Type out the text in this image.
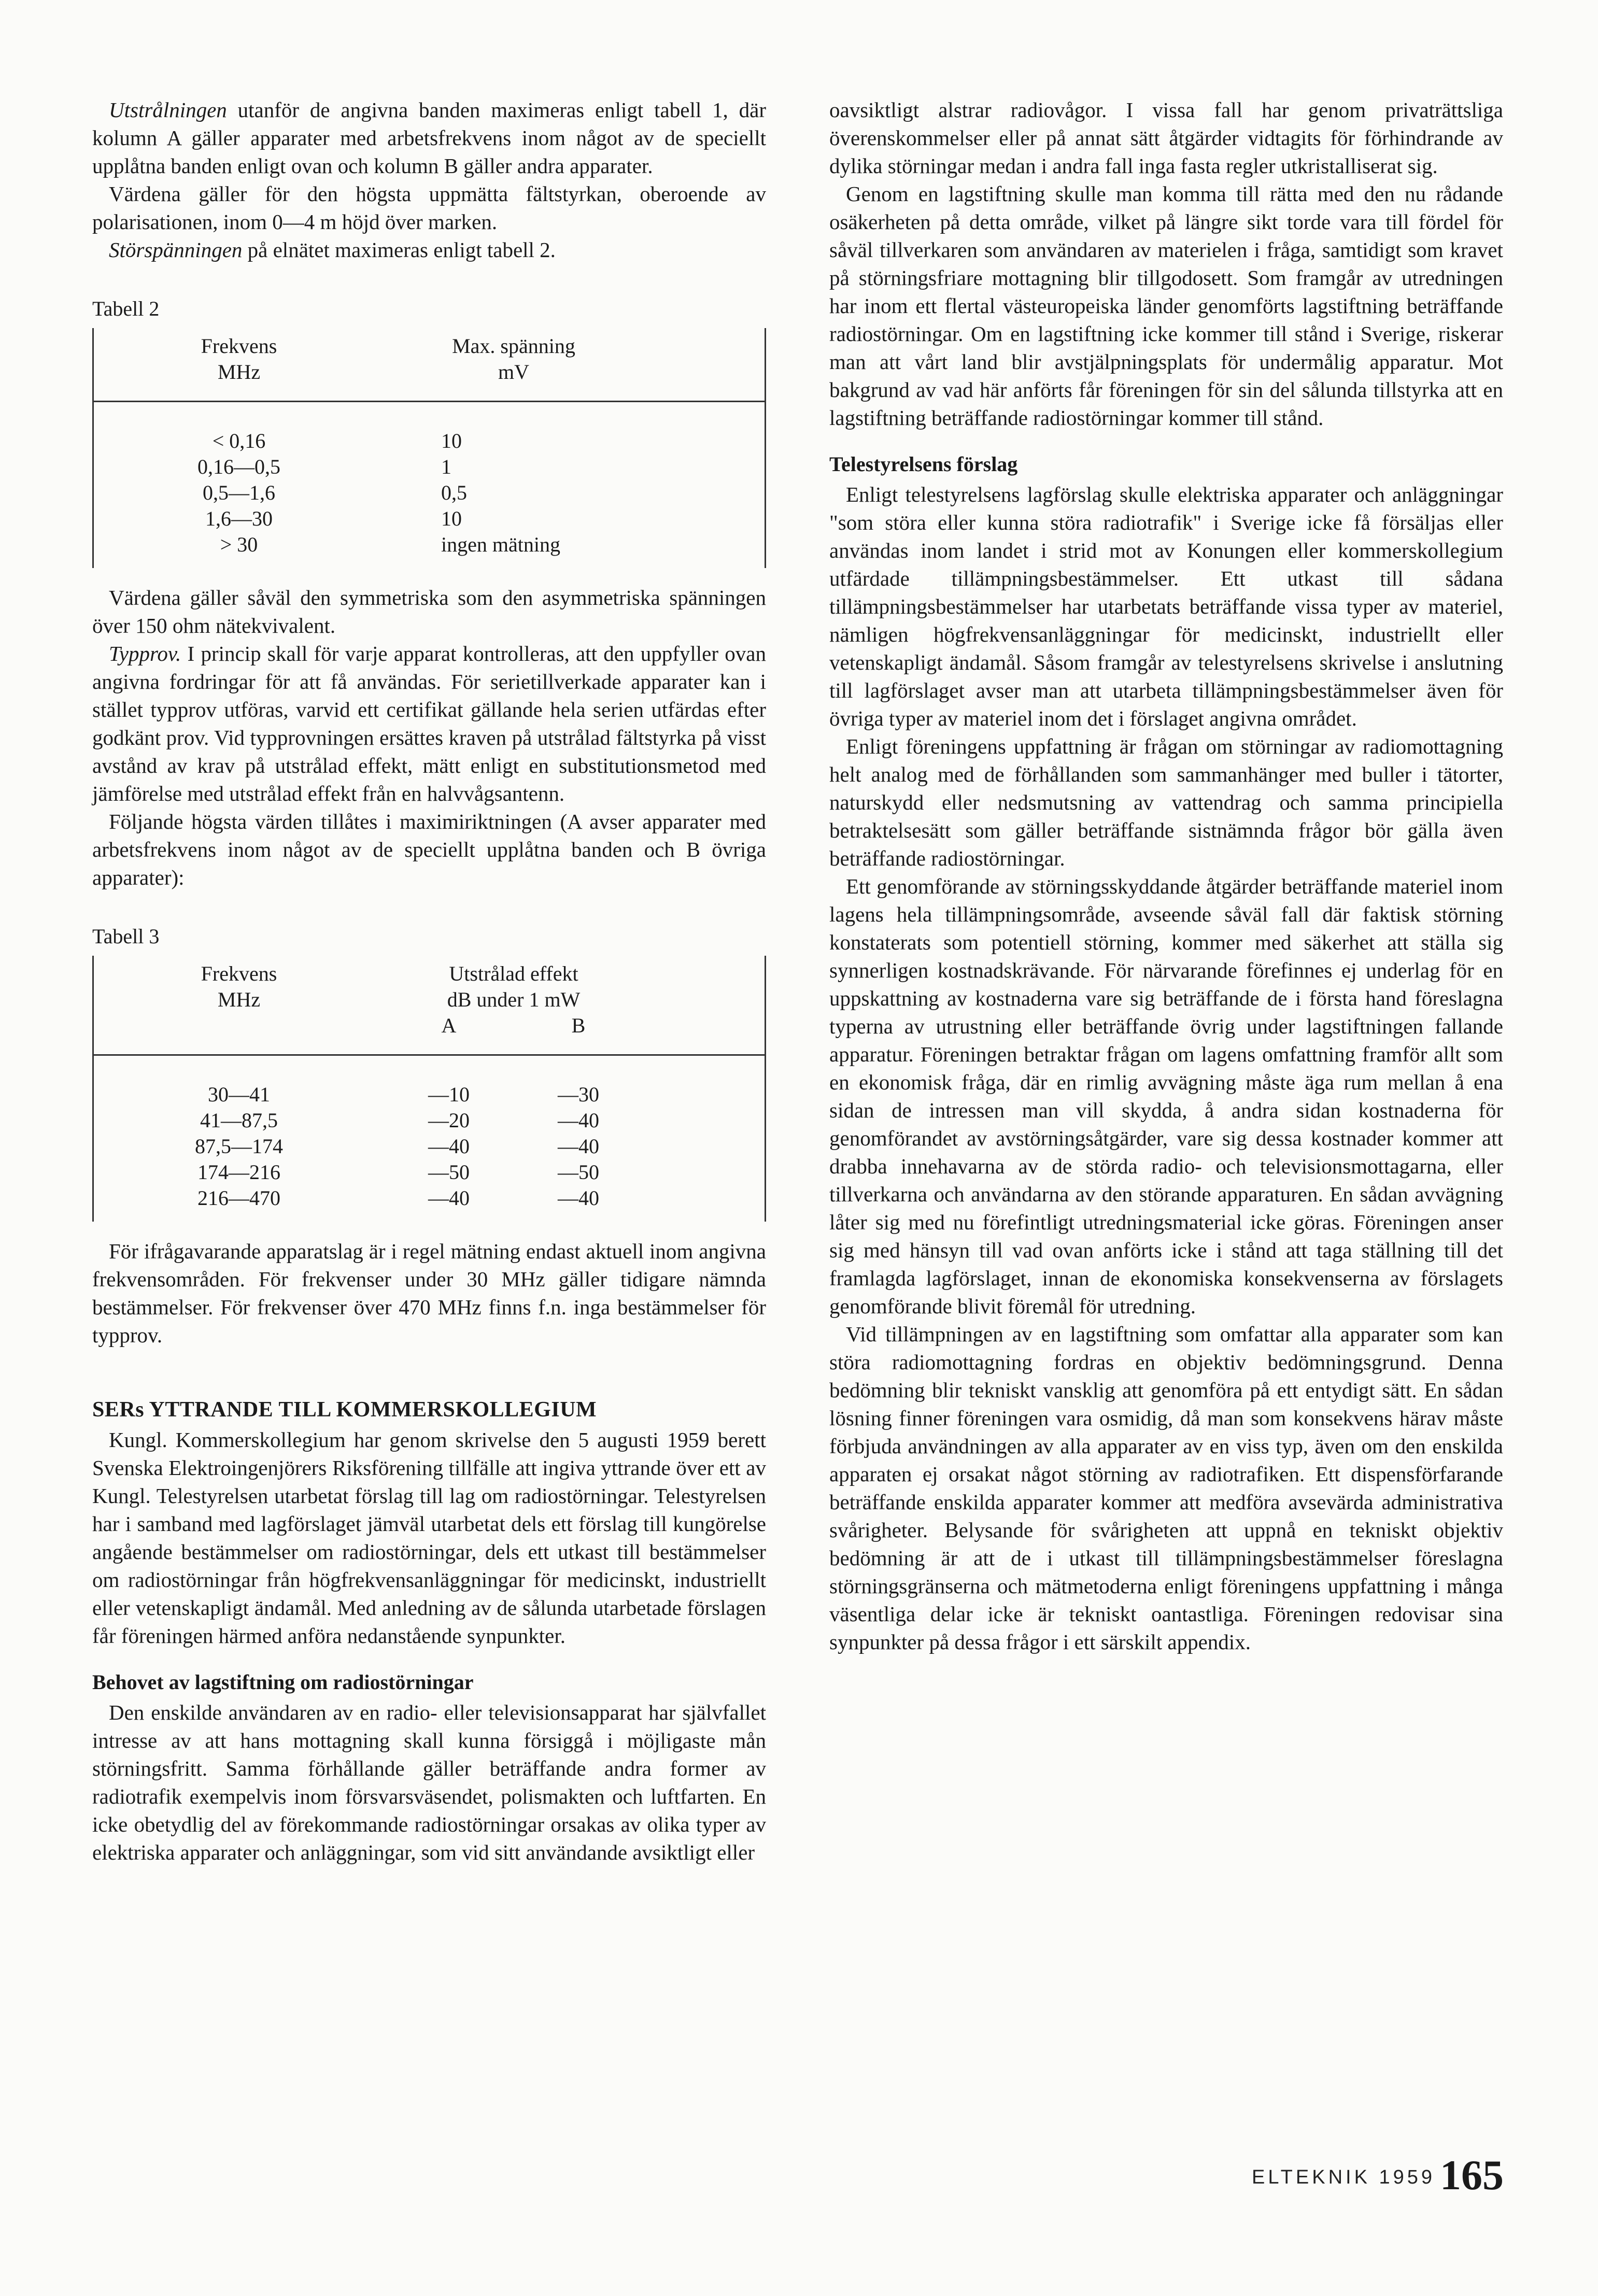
Utstrålningen utanför de angivna banden maximeras enligt tabell 1, där kolumn A gäller apparater med arbetsfrekvens inom något av de speciellt upplåtna banden enligt ovan och kolumn B gäller andra apparater.

Värdena gäller för den högsta uppmätta fältstyrkan, oberoende av polarisationen, inom 0—4 m höjd över marken.

Störspänningen på elnätet maximeras enligt tabell 2.

Tabell 2
Frekvens
MHz
Max. spänning
mV
< 0,16	10
0,16—0,5	1
0,5—1,6	0,5
1,6—30	10
> 30	ingen mätning

Värdena gäller såväl den symmetriska som den asymmetriska spänningen över 150 ohm nätekvivalent.

Typprov. I princip skall för varje apparat kontrolleras, att den uppfyller ovan angivna fordringar för att få användas. För serietillverkade apparater kan i stället typprov utföras, varvid ett certifikat gällande hela serien utfärdas efter godkänt prov. Vid typprovningen ersättes kraven på utstrålad fältstyrka på visst avstånd av krav på utstrålad effekt, mätt enligt en substitutionsmetod med jämförelse med utstrålad effekt från en halvvågsantenn.

Följande högsta värden tillåtes i maximiriktningen (A avser apparater med arbetsfrekvens inom något av de speciellt upplåtna banden och B övriga apparater):

Tabell 3
Frekvens
MHz
Utstrålad effekt
dB under 1 mW
A	B
30—41	—10	—30
41—87,5	—20	—40
87,5—174	—40	—40
174—216	—50	—50
216—470	—40	—40

För ifrågavarande apparatslag är i regel mätning endast aktuell inom angivna frekvensområden. För frekvenser under 30 MHz gäller tidigare nämnda bestämmelser. För frekvenser över 470 MHz finns f.n. inga bestämmelser för typprov.

SERs YTTRANDE TILL KOMMERSKOLLEGIUM

Kungl. Kommerskollegium har genom skrivelse den 5 augusti 1959 berett Svenska Elektroingenjörers Riksförening tillfälle att ingiva yttrande över ett av Kungl. Telestyrelsen utarbetat förslag till lag om radiostörningar. Telestyrelsen har i samband med lagförslaget jämväl utarbetat dels ett förslag till kungörelse angående bestämmelser om radiostörningar, dels ett utkast till bestämmelser om radiostörningar från högfrekvensanläggningar för medicinskt, industriellt eller vetenskapligt ändamål. Med anledning av de sålunda utarbetade förslagen får föreningen härmed anföra nedanstående synpunkter.

Behovet av lagstiftning om radiostörningar

Den enskilde användaren av en radio- eller televisionsapparat har självfallet intresse av att hans mottagning skall kunna försiggå i möjligaste mån störningsfritt. Samma förhållande gäller beträffande andra former av radiotrafik exempelvis inom försvarsväsendet, polismakten och luftfarten. En icke obetydlig del av förekommande radiostörningar orsakas av olika typer av elektriska apparater och anläggningar, som vid sitt användande avsiktligt eller

oavsiktligt alstrar radiovågor. I vissa fall har genom privaträttsliga överenskommelser eller på annat sätt åtgärder vidtagits för förhindrande av dylika störningar medan i andra fall inga fasta regler utkristalliserat sig.

Genom en lagstiftning skulle man komma till rätta med den nu rådande osäkerheten på detta område, vilket på längre sikt torde vara till fördel för såväl tillverkaren som användaren av materielen i fråga, samtidigt som kravet på störningsfriare mottagning blir tillgodosett. Som framgår av utredningen har inom ett flertal västeuropeiska länder genomförts lagstiftning beträffande radiostörningar. Om en lagstiftning icke kommer till stånd i Sverige, riskerar man att vårt land blir avstjälpningsplats för undermålig apparatur. Mot bakgrund av vad här anförts får föreningen för sin del sålunda tillstyrka att en lagstiftning beträffande radiostörningar kommer till stånd.

Telestyrelsens förslag

Enligt telestyrelsens lagförslag skulle elektriska apparater och anläggningar "som störa eller kunna störa radiotrafik" i Sverige icke få försäljas eller användas inom landet i strid mot av Konungen eller kommerskollegium utfärdade tillämpningsbestämmelser. Ett utkast till sådana tillämpningsbestämmelser har utarbetats beträffande vissa typer av materiel, nämligen högfrekvensanläggningar för medicinskt, industriellt eller vetenskapligt ändamål. Såsom framgår av telestyrelsens skrivelse i anslutning till lagförslaget avser man att utarbeta tillämpningsbestämmelser även för övriga typer av materiel inom det i förslaget angivna området.

Enligt föreningens uppfattning är frågan om störningar av radiomottagning helt analog med de förhållanden som sammanhänger med buller i tätorter, naturskydd eller nedsmutsning av vattendrag och samma principiella betraktelsesätt som gäller beträffande sistnämnda frågor bör gälla även beträffande radiostörningar.

Ett genomförande av störningsskyddande åtgärder beträffande materiel inom lagens hela tillämpningsområde, avseende såväl fall där faktisk störning konstaterats som potentiell störning, kommer med säkerhet att ställa sig synnerligen kostnadskrävande. För närvarande förefinnes ej underlag för en uppskattning av kostnaderna vare sig beträffande de i första hand föreslagna typerna av utrustning eller beträffande övrig under lagstiftningen fallande apparatur. Föreningen betraktar frågan om lagens omfattning framför allt som en ekonomisk fråga, där en rimlig avvägning måste äga rum mellan å ena sidan de intressen man vill skydda, å andra sidan kostnaderna för genomförandet av avstörningsåtgärder, vare sig dessa kostnader kommer att drabba innehavarna av de störda radio- och televisionsmottagarna, eller tillverkarna och användarna av den störande apparaturen. En sådan avvägning låter sig med nu förefintligt utredningsmaterial icke göras. Föreningen anser sig med hänsyn till vad ovan anförts icke i stånd att taga ställning till det framlagda lagförslaget, innan de ekonomiska konsekvenserna av förslagets genomförande blivit föremål för utredning.

Vid tillämpningen av en lagstiftning som omfattar alla apparater som kan störa radiomottagning fordras en objektiv bedömningsgrund. Denna bedömning blir tekniskt vansklig att genomföra på ett entydigt sätt. En sådan lösning finner föreningen vara osmidig, då man som konsekvens härav måste förbjuda användningen av alla apparater av en viss typ, även om den enskilda apparaten ej orsakat något störning av radiotrafiken. Ett dispensförfarande beträffande enskilda apparater kommer att medföra avsevärda administrativa svårigheter. Belysande för svårigheten att uppnå en tekniskt objektiv bedömning är att de i utkast till tillämpningsbestämmelser föreslagna störningsgränserna och mätmetoderna enligt föreningens uppfattning i många väsentliga delar icke är tekniskt oantastliga. Föreningen redovisar sina synpunkter på dessa frågor i ett särskilt appendix.

ELTEKNIK 1959 165
